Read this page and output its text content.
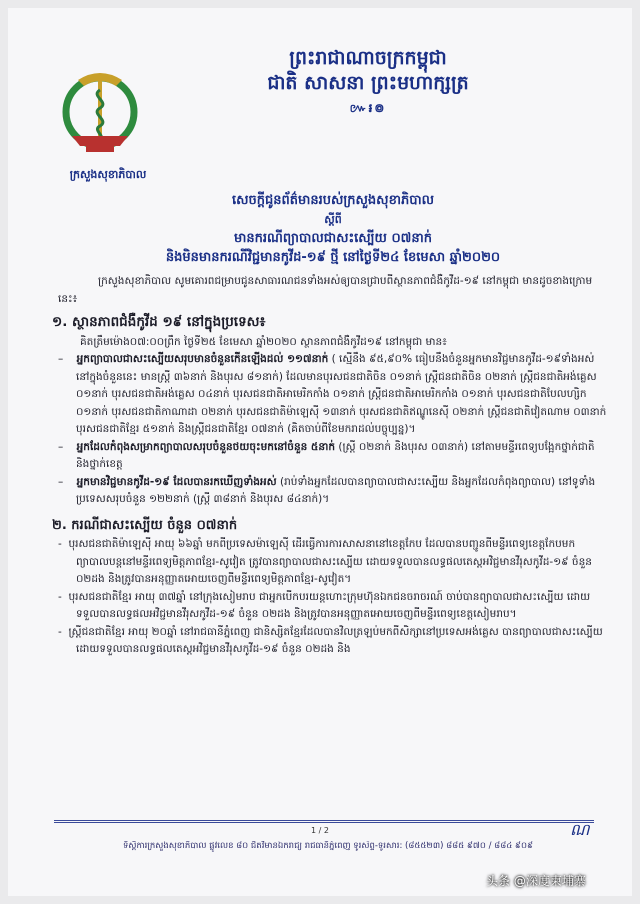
ក្រសួងសុខាភិបាល
ព្រះរាជាណាចក្រកម្ពុជា
ជាតិ សាសនា ព្រះមហាក្សត្រ
៚៛៙
សេចក្តីជូនព័ត៌មានរបស់ក្រសួងសុខាភិបាល
ស្តីពី
មានករណីព្យាបាលជាសះស្បើយ ០៧នាក់
និងមិនមានករណីវិជ្ជមានកូវីដ-១៩ ថ្មី នៅថ្ងៃទី២៤ ខែមេសា ឆ្នាំ២០២០

ក្រសួងសុខាភិបាល សូមគោរពជម្រាបជូនសាធារណជនទាំងអស់ឲ្យបានជ្រាបពីស្ថានភាពជំងឺកូវីដ-១៩ នៅកម្ពុជា មានដូចខាងក្រោមនេះ៖

១. ស្ថានភាពជំងឺកូវីដ ១៩ នៅក្នុងប្រទេស៖

គិតត្រឹមម៉ោង០៧:០០ព្រឹក ថ្ងៃទី២៥ ខែមេសា ឆ្នាំ២០២០ ស្ថានភាពជំងឺកូវីដ១៩ នៅកម្ពុជា មាន៖

–    អ្នកព្យាបាលជាសះស្បើយសរុបមានចំនួនកើនឡើងដល់ ១១៧នាក់ ( ស្មើនឹង ៩៥,៩០% ធៀបនឹងចំនួនអ្នកមានវិជ្ជមានកូវីដ-១៩ទាំងអស់ នៅក្នុងចំនួននេះ មានស្ត្រី ៣៦នាក់ និងបុរស ៨១នាក់) ដែលមានបុរសជនជាតិចិន ០១នាក់ ស្ត្រីជនជាតិចិន ០២នាក់ ស្ត្រីជនជាតិអង់គ្លេស ០១នាក់ បុរសជនជាតិអង់គ្លេស ០៤នាក់ បុរសជនជាតិអាមេរិកកាំង ០១នាក់ ស្ត្រីជនជាតិអាមេរិកកាំង ០១នាក់ បុរសជនជាតិបែលហ្សិក ០១នាក់ បុរសជនជាតិកាណាដា ០២នាក់ បុរសជនជាតិម៉ាឡេស៊ី ១៣នាក់ បុរសជនជាតិឥណ្ឌូនេស៊ី ០២នាក់ ស្ត្រីជនជាតិវៀតណាម ០៣នាក់ បុរសជនជាតិខ្មែរ ៥១នាក់ និងស្ត្រីជនជាតិខ្មែរ ០៧នាក់ (គិតចាប់ពីខែមករាដល់បច្ចុប្បន្ន)។

–    អ្នកដែលកំពុងសម្រាកព្យាបាលសរុបចំនួនថយចុះមកនៅចំនួន ៥នាក់ (ស្ត្រី ០២នាក់ និងបុរស ០៣នាក់) នៅតាមមន្ទីរពេទ្យបង្អែកថ្នាក់ជាតិ និងថ្នាក់ខេត្ត

–    អ្នកមានវិជ្ជមានកូវីដ-១៩ ដែលបានរកឃើញទាំងអស់ (រាប់ទាំងអ្នកដែលបានព្យាបាលជាសះស្បើយ និងអ្នកដែលកំពុងព្យាបាល) នៅទូទាំងប្រទេសសរុបចំនួន ១២២នាក់ (ស្ត្រី ៣៨នាក់ និងបុរស ៨៤នាក់)។

២. ករណីជាសះស្បើយ ចំនួន ០៧នាក់

-  បុរសជនជាតិម៉ាឡេស៊ី អាយុ ៦៦ឆ្នាំ មកពីប្រទេសម៉ាឡេស៊ី ដើរធ្វើការការសាសនានៅខេត្តកែប ដែលបានបញ្ជូនពីមន្ទីរពេទ្យខេត្តកែបមកព្យាបាលបន្តនៅមន្ទីរពេទ្យមិត្តភាពខ្មែរ-សូវៀត ត្រូវបានព្យាបាលជាសះស្បើយ ដោយទទួលបានលទ្ធផលតេស្តអវិជ្ជមានវីរុសកូវីដ-១៩ ចំនួន ០២ដង និងត្រូវបានអនុញ្ញាតអោយចេញពីមន្ទីរពេទ្យមិត្តភាពខ្មែរ-សូវៀត។

-  បុរសជនជាតិខ្មែរ អាយុ ៣៧ឆ្នាំ នៅក្រុងសៀមរាប ជាអ្នកបើកបរយន្តហោះក្រុមហ៊ុនឯកជនចរាចរណ៍ ចាប់បានព្យាបាលជាសះស្បើយ ដោយទទួលបានលទ្ធផលអវិជ្ជមានវីរុសកូវីដ-១៩ ចំនួន ០២ដង និងត្រូវបានអនុញ្ញាតអោយចេញពីមន្ទីរពេទ្យខេត្តសៀមរាប។

-  ស្ត្រីជនជាតិខ្មែរ អាយុ ២០ឆ្នាំ នៅរាជធានីភ្នំពេញ ជានិស្សិតខ្មែរដែលបានវិលត្រឡប់មកពីសិក្សានៅប្រទេសអង់គ្លេស បានព្យាបាលជាសះស្បើយ ដោយទទួលបានលទ្ធផលតេស្តអវិជ្ជមានវីរុសកូវីដ-១៩ ចំនួន ០២ដង និង

1 / 2	ណ
ទីស្តីការក្រសួងសុខាភិបាល ផ្លូវលេខ ៨០ ជិតវិមានឯករាជ្យ រាជធានីភ្នំពេញ ទូរស័ព្ទ-ទូរសារ: (៨៥៥២៣) ៨៨៥ ៩៧០ / ៨៨៤ ៩០៩
头条 @深度柬埔寨
